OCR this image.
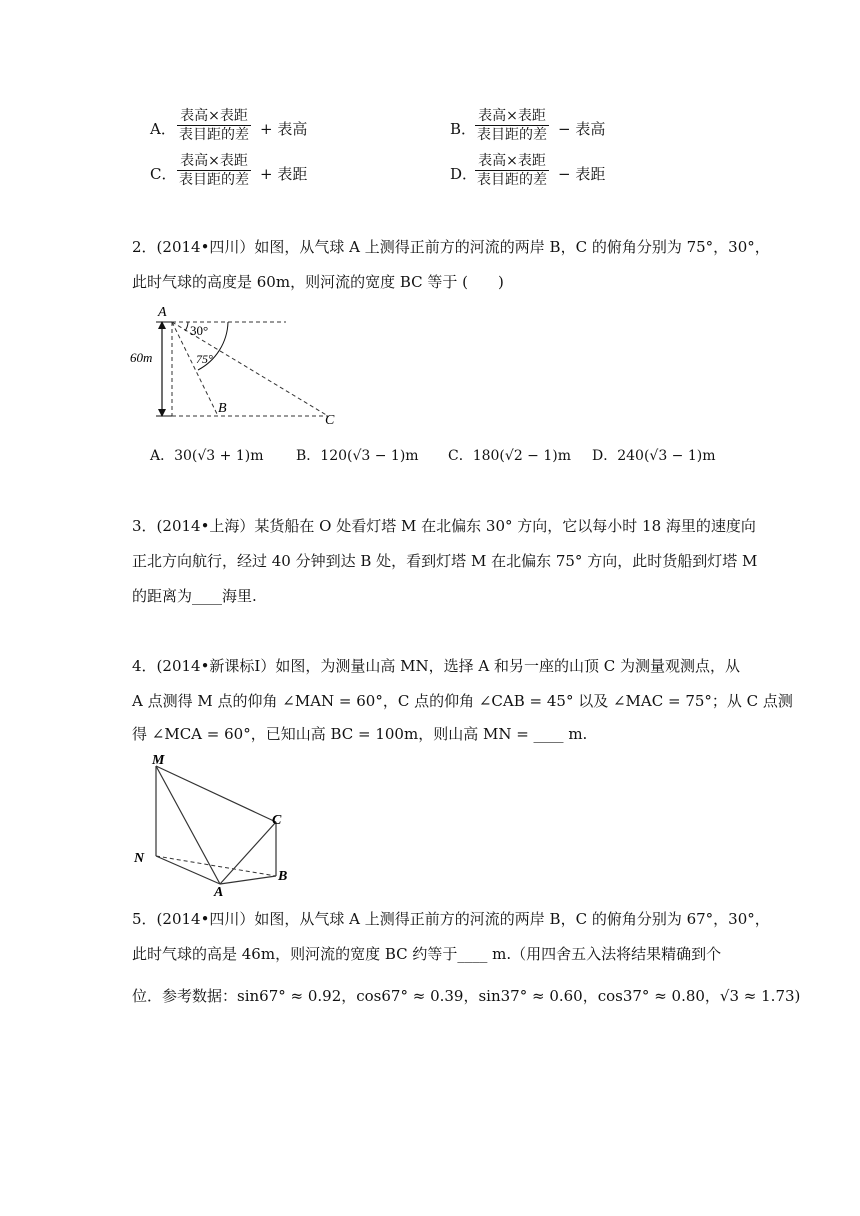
A．
表高×表距
表目距的差 + 表高	B．
表高×表距
表目距的差 − 表高
C．
表高×表距
表目距的差 + 表距	D．
表高×表距
表目距的差 − 表距
2．(2014•四川）如图，从气球 A 上测得正前方的河流的两岸 B，C 的俯角分别为 75°，30°，
此时气球的高度是 60m，则河流的宽度 BC 等于 (　　)
A
60m
30°
75°
B
C
A．30(√3 + 1)m B．120(√3 − 1)m C．180(√2 − 1)m D．240(√3 − 1)m
3．(2014•上海）某货船在 O 处看灯塔 M 在北偏东 30° 方向，它以每小时 18 海里的速度向
正北方向航行，经过 40 分钟到达 B 处，看到灯塔 M 在北偏东 75° 方向，此时货船到灯塔 M
的距离为____海里.
4．(2014•新课标Ⅰ）如图，为测量山高 MN，选择 A 和另一座的山顶 C 为测量观测点，从
A 点测得 M 点的仰角 ∠MAN = 60°，C 点的仰角 ∠CAB = 45° 以及 ∠MAC = 75°；从 C 点测
得 ∠MCA = 60°，已知山高 BC = 100m，则山高 MN = ____ m.
M
N
A
B
C
5．(2014•四川）如图，从气球 A 上测得正前方的河流的两岸 B，C 的俯角分别为 67°，30°，
此时气球的高是 46m，则河流的宽度 BC 约等于____ m.（用四舍五入法将结果精确到个
位．参考数据：sin67° ≈ 0.92，cos67° ≈ 0.39，sin37° ≈ 0.60，cos37° ≈ 0.80，√3 ≈ 1.73)
